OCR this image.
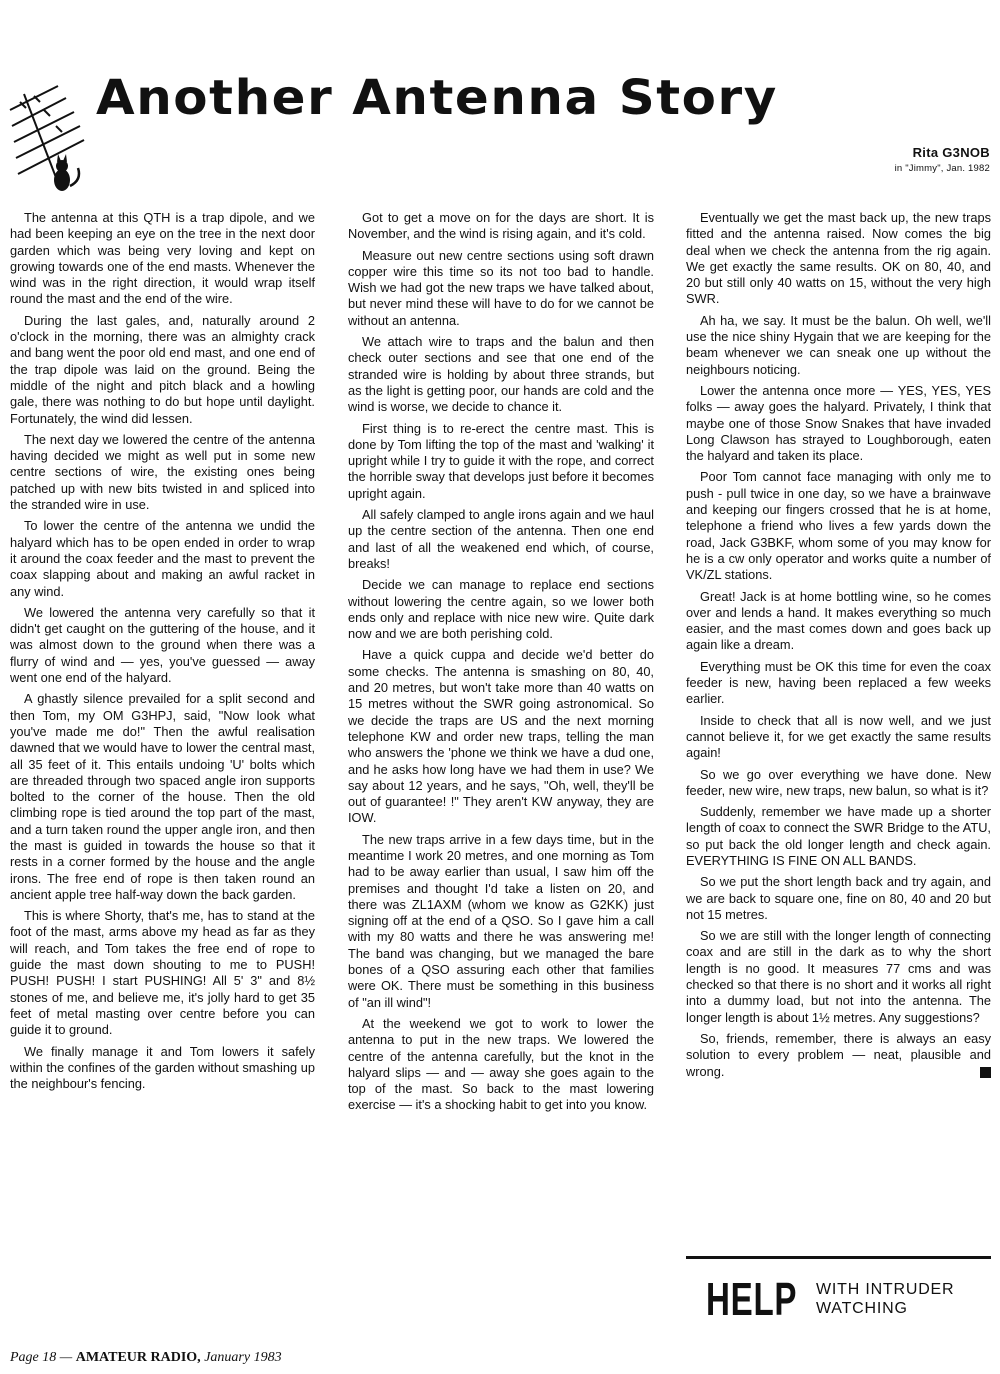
Another Antenna Story
Rita G3NOB
in "Jimmy", Jan. 1982

The antenna at this QTH is a trap dipole, and we had been keeping an eye on the tree in the next door garden which was being very loving and kept on growing towards one of the end masts. Whenever the wind was in the right direction, it would wrap itself round the mast and the end of the wire.

During the last gales, and, naturally around 2 o'clock in the morning, there was an almighty crack and bang went the poor old end mast, and one end of the trap dipole was laid on the ground. Being the middle of the night and pitch black and a howling gale, there was nothing to do but hope until daylight. Fortunately, the wind did lessen.

The next day we lowered the centre of the antenna having decided we might as well put in some new centre sections of wire, the existing ones being patched up with new bits twisted in and spliced into the stranded wire in use.

To lower the centre of the antenna we undid the halyard which has to be open ended in order to wrap it around the coax feeder and the mast to prevent the coax slapping about and making an awful racket in any wind.

We lowered the antenna very carefully so that it didn't get caught on the guttering of the house, and it was almost down to the ground when there was a flurry of wind and — yes, you've guessed — away went one end of the halyard.

A ghastly silence prevailed for a split second and then Tom, my OM G3HPJ, said, "Now look what you've made me do!" Then the awful realisation dawned that we would have to lower the central mast, all 35 feet of it. This entails undoing 'U' bolts which are threaded through two spaced angle iron supports bolted to the corner of the house. Then the old climbing rope is tied around the top part of the mast, and a turn taken round the upper angle iron, and then the mast is guided in towards the house so that it rests in a corner formed by the house and the angle irons. The free end of rope is then taken round an ancient apple tree half-way down the back garden.

This is where Shorty, that's me, has to stand at the foot of the mast, arms above my head as far as they will reach, and Tom takes the free end of rope to guide the mast down shouting to me to PUSH! PUSH! PUSH! I start PUSHING! All 5' 3" and 8½ stones of me, and believe me, it's jolly hard to get 35 feet of metal masting over centre before you can guide it to ground.

We finally manage it and Tom lowers it safely within the confines of the garden without smashing up the neighbour's fencing.

Got to get a move on for the days are short. It is November, and the wind is rising again, and it's cold.

Measure out new centre sections using soft drawn copper wire this time so its not too bad to handle. Wish we had got the new traps we have talked about, but never mind these will have to do for we cannot be without an antenna.

We attach wire to traps and the balun and then check outer sections and see that one end of the stranded wire is holding by about three strands, but as the light is getting poor, our hands are cold and the wind is worse, we decide to chance it.

First thing is to re-erect the centre mast. This is done by Tom lifting the top of the mast and 'walking' it upright while I try to guide it with the rope, and correct the horrible sway that develops just before it becomes upright again.

All safely clamped to angle irons again and we haul up the centre section of the antenna. Then one end and last of all the weakened end which, of course, breaks!

Decide we can manage to replace end sections without lowering the centre again, so we lower both ends only and replace with nice new wire. Quite dark now and we are both perishing cold.

Have a quick cuppa and decide we'd better do some checks. The antenna is smashing on 80, 40, and 20 metres, but won't take more than 40 watts on 15 metres without the SWR going astronomical. So we decide the traps are US and the next morning telephone KW and order new traps, telling the man who answers the 'phone we think we have a dud one, and he asks how long have we had them in use? We say about 12 years, and he says, "Oh, well, they'll be out of guarantee! !" They aren't KW anyway, they are IOW.

The new traps arrive in a few days time, but in the meantime I work 20 metres, and one morning as Tom had to be away earlier than usual, I saw him off the premises and thought I'd take a listen on 20, and there was ZL1AXM (whom we know as G2KK) just signing off at the end of a QSO. So I gave him a call with my 80 watts and there he was answering me! The band was changing, but we managed the bare bones of a QSO assuring each other that families were OK. There must be something in this business of "an ill wind"!

At the weekend we got to work to lower the antenna to put in the new traps. We lowered the centre of the antenna carefully, but the knot in the halyard slips — and — away she goes again to the top of the mast. So back to the mast lowering exercise — it's a shocking habit to get into you know.

Eventually we get the mast back up, the new traps fitted and the antenna raised. Now comes the big deal when we check the antenna from the rig again. We get exactly the same results. OK on 80, 40, and 20 but still only 40 watts on 15, without the very high SWR.

Ah ha, we say. It must be the balun. Oh well, we'll use the nice shiny Hygain that we are keeping for the beam whenever we can sneak one up without the neighbours noticing.

Lower the antenna once more — YES, YES, YES folks — away goes the halyard. Privately, I think that maybe one of those Snow Snakes that have invaded Long Clawson has strayed to Loughborough, eaten the halyard and taken its place.

Poor Tom cannot face managing with only me to push - pull twice in one day, so we have a brainwave and keeping our fingers crossed that he is at home, telephone a friend who lives a few yards down the road, Jack G3BKF, whom some of you may know for he is a cw only operator and works quite a number of VK/ZL stations.

Great! Jack is at home bottling wine, so he comes over and lends a hand. It makes everything so much easier, and the mast comes down and goes back up again like a dream.

Everything must be OK this time for even the coax feeder is new, having been replaced a few weeks earlier.

Inside to check that all is now well, and we just cannot believe it, for we get exactly the same results again!

So we go over everything we have done. New feeder, new wire, new traps, new balun, so what is it?

Suddenly, remember we have made up a shorter length of coax to connect the SWR Bridge to the ATU, so put back the old longer length and check again. EVERYTHING IS FINE ON ALL BANDS.

So we put the short length back and try again, and we are back to square one, fine on 80, 40 and 20 but not 15 metres.

So we are still with the longer length of connecting coax and are still in the dark as to why the short length is no good. It measures 77 cms and was checked so that there is no short and it works all right into a dummy load, but not into the antenna. The longer length is about 1½ metres. Any suggestions?

So, friends, remember, there is always an easy solution to every problem — neat, plausible and wrong.

HELP WITH INTRUDER
WATCHING
Page 18 — AMATEUR RADIO, January 1983
